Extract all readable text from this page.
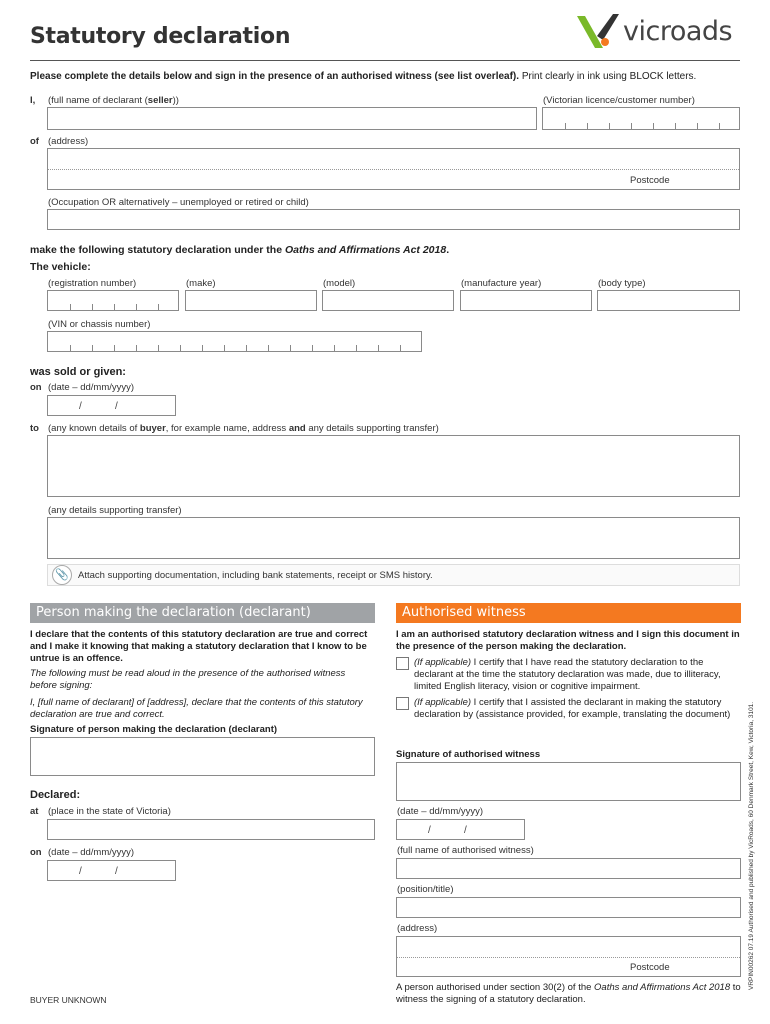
Statutory declaration	vicroads
Please complete the details below and sign in the presence of an authorised witness (see list overleaf). Print clearly in ink using BLOCK letters.
I, (full name of declarant (seller))	(Victorian licence/customer number)
of (address)
Postcode
(Occupation OR alternatively – unemployed or retired or child)
make the following statutory declaration under the Oaths and Affirmations Act 2018.
The vehicle:
(registration number)	(make)	(model)	(manufacture year)	(body type)
(VIN or chassis number)
was sold or given:
on (date – dd/mm/yyyy)
/	/
to (any known details of buyer, for example name, address and any details supporting transfer)
(any details supporting transfer)
📎 Attach supporting documentation, including bank statements, receipt or SMS history.
Person making the declaration (declarant)
I declare that the contents of this statutory declaration are true and correct and I make it knowing that making a statutory declaration that I know to be untrue is an offence.
The following must be read aloud in the presence of the authorised witness before signing:
I, [full name of declarant] of [address], declare that the contents of this statutory declaration are true and correct.
Signature of person making the declaration (declarant)
Declared:
at (place in the state of Victoria)
on (date – dd/mm/yyyy)
/	/
BUYER UNKNOWN
Authorised witness
I am an authorised statutory declaration witness and I sign this document in the presence of the person making the declaration.
(If applicable) I certify that I have read the statutory declaration to the declarant at the time the statutory declaration was made, due to illiteracy, limited English literacy, vision or cognitive impairment.
(If applicable) I certify that I assisted the declarant in making the statutory declaration by (assistance provided, for example, translating the document)
Signature of authorised witness
(date – dd/mm/yyyy)
/	/
(full name of authorised witness)
(position/title)
(address)
Postcode
A person authorised under section 30(2) of the Oaths and Affirmations Act 2018 to witness the signing of a statutory declaration.
VRPIN00262 07.19 Authorised and published by VicRoads, 60 Denmark Street, Kew, Victoria, 3101.
